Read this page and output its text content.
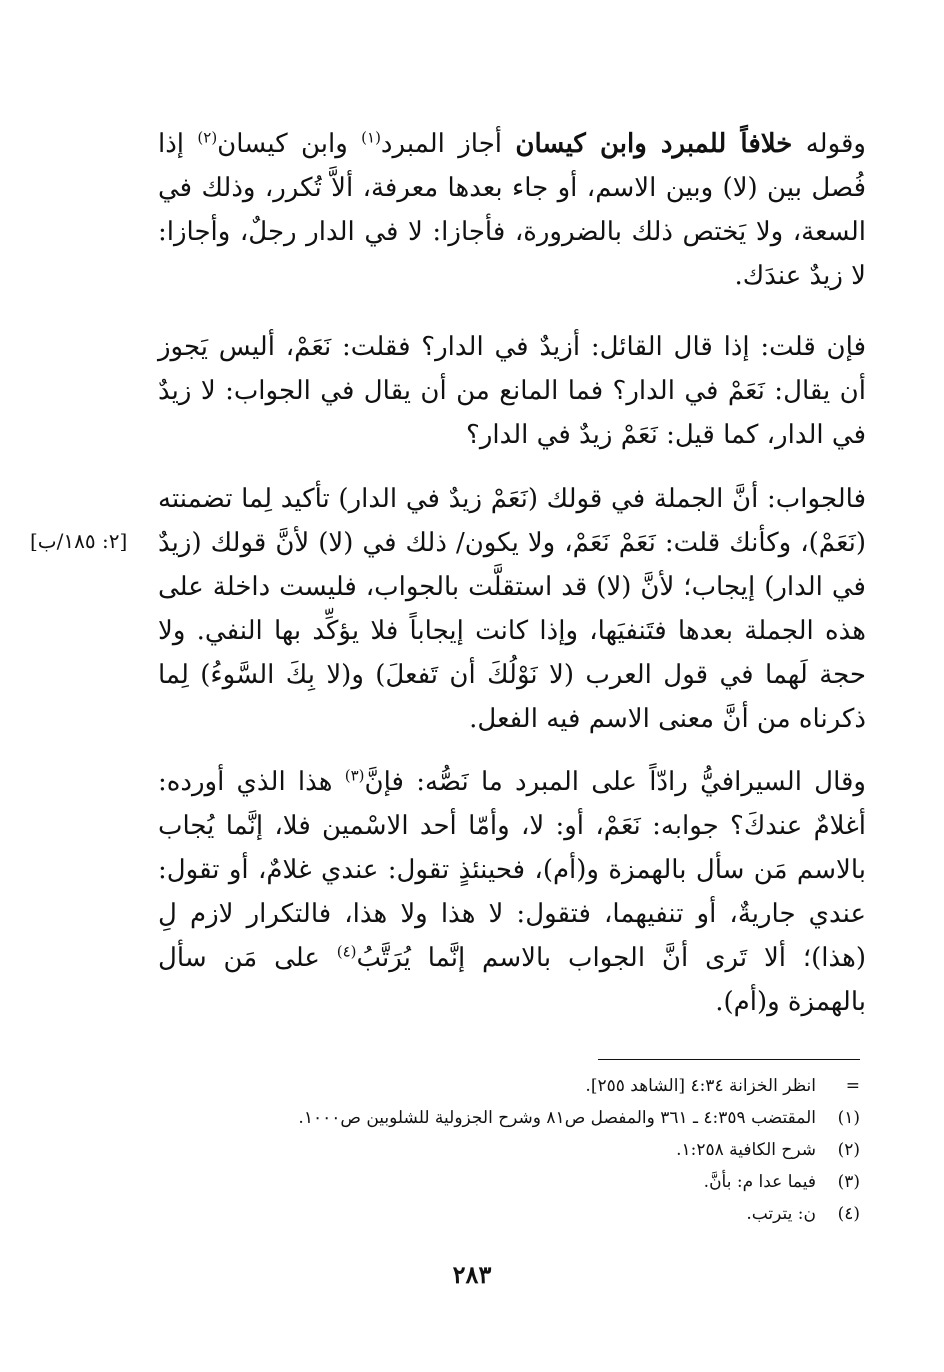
وقوله خلافاً للمبرد وابن كيسان أجاز المبرد$^{(١)}$ وابن كيسان$^{(٢)}$ إذا فُصل بين (لا) وبين الاسم، أو جاء بعدها معرفة، ألاَّ تُكرر، وذلك في السعة، ولا يَختص ذلك بالضرورة، فأجازا: لا في الدار رجلٌ، وأجازا: لا زيدٌ عندَك.

فإن قلت: إذا قال القائل: أزيدٌ في الدار؟ فقلت: نَعَمْ، أليس يَجوز أن يقال: نَعَمْ في الدار؟ فما المانع من أن يقال في الجواب: لا زيدٌ في الدار، كما قيل: نَعَمْ زيدٌ في الدار؟

فالجواب: أنَّ الجملة في قولك (نَعَمْ زيدٌ في الدار) تأكيد لِما تضمنته (نَعَمْ)، وكأنك قلت: نَعَمْ نَعَمْ، ولا يكون/ ذلك في (لا) لأنَّ قولك (زيدٌ في الدار) إيجاب؛ لأنَّ (لا) قد استقلَّت بالجواب، فليست داخلة على هذه الجملة بعدها فتَنفيَها، وإذا كانت إيجاباً فلا يؤكِّد بها النفي. ولا حجة لَهما في قول العرب (لا نَوْلُكَ أن تَفعلَ) و(لا بِكَ السَّوءُ) لِما ذكرناه من أنَّ معنى الاسم فيه الفعل.

[٢: ١٨٥/ب]

وقال السيرافيُّ رادّاً على المبرد ما نَصُّه: فإنَّ$^{(٣)}$ هذا الذي أورده: أغلامٌ عندكَ؟ جوابه: نَعَمْ، أو: لا، وأمّا أحد الاسْمين فلا، إنَّما يُجاب بالاسم مَن سأل بالهمزة و(أم)، فحينئذٍ تقول: عندي غلامٌ، أو تقول: عندي جاريةٌ، أو تنفيهما، فتقول: لا هذا ولا هذا، فالتكرار لازم لِ (هذا)؛ ألا تَرى أنَّ الجواب بالاسم إنَّما يُرَتَّبُ$^{(٤)}$ على مَن سأل بالهمزة و(أم).

=انظر الخزانة ٤:٣٤ [الشاهد ٢٥٥].
(١)المقتضب ٤:٣٥٩ ـ ٣٦١ والمفصل ص٨١ وشرح الجزولية للشلوبين ص١٠٠٠.
(٢)شرح الكافية ١:٢٥٨.
(٣)فيما عدا م: بأنَّ.
(٤)ن: يترتب.
٢٨٣
